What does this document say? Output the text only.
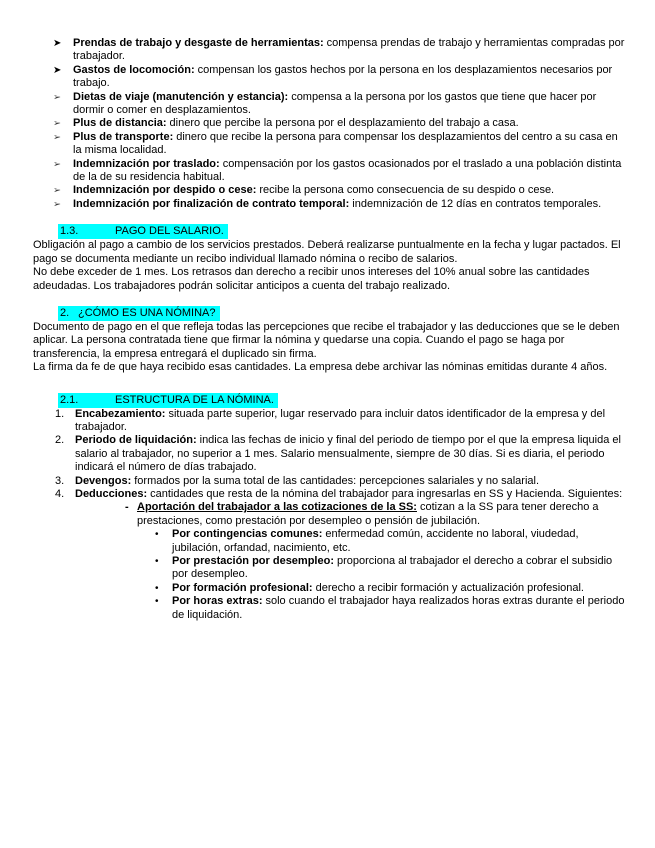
➤ Prendas de trabajo y desgaste de herramientas: compensa prendas de trabajo y herramientas compradas por trabajador.
➤ Gastos de locomoción: compensan los gastos hechos por la persona en los desplazamientos necesarios por trabajo.
➢ Dietas de viaje (manutención y estancia): compensa a la persona por los gastos que tiene que hacer por dormir o comer en desplazamientos.
➢ Plus de distancia: dinero que percibe la persona por el desplazamiento del trabajo a casa.
➢ Plus de transporte: dinero que recibe la persona para compensar los desplazamientos del centro a su casa en la misma localidad.
➢ Indemnización por traslado: compensación por los gastos ocasionados por el traslado a una población distinta de la de su residencia habitual.
➢ Indemnización por despido o cese: recibe la persona como consecuencia de su despido o cese.
➢ Indemnización por finalización de contrato temporal: indemnización de 12 días en contratos temporales.
1.3.	PAGO DEL SALARIO.

Obligación al pago a cambio de los servicios prestados. Deberá realizarse puntualmente en la fecha y lugar pactados. El pago se documenta mediante un recibo individual llamado nómina o recibo de salarios.

No debe exceder de 1 mes. Los retrasos dan derecho a recibir unos intereses del 10% anual sobre las cantidades adeudadas. Los trabajadores podrán solicitar anticipos a cuenta del trabajo realizado.

2. ¿CÓMO ES UNA NÓMINA?

Documento de pago en el que refleja todas las percepciones que recibe el trabajador y las deducciones que se le deben aplicar. La persona contratada tiene que firmar la nómina y quedarse una copia. Cuando el pago se haga por transferencia, la empresa entregará el duplicado sin firma.

La firma da fe de que haya recibido esas cantidades. La empresa debe archivar las nóminas emitidas durante 4 años.

2.1.	ESTRUCTURA DE LA NÓMINA.
1. Encabezamiento: situada parte superior, lugar reservado para incluir datos identificador de la empresa y del trabajador.
2. Periodo de liquidación: indica las fechas de inicio y final del periodo de tiempo por el que la empresa liquida el salario al trabajador, no superior a 1 mes. Salario mensualmente, siempre de 30 días. Si es diaria, el periodo indicará el número de días trabajado.
3. Devengos: formados por la suma total de las cantidades: percepciones salariales y no salarial.
4. Deducciones: cantidades que resta de la nómina del trabajador para ingresarlas en SS y Hacienda. Siguientes:
- Aportación del trabajador a las cotizaciones de la SS: cotizan a la SS para tener derecho a prestaciones, como prestación por desempleo o pensión de jubilación.
• Por contingencias comunes: enfermedad común, accidente no laboral, viudedad, jubilación, orfandad, nacimiento, etc.
• Por prestación por desempleo: proporciona al trabajador el derecho a cobrar el subsidio por desempleo.
• Por formación profesional: derecho a recibir formación y actualización profesional.
• Por horas extras: solo cuando el trabajador haya realizados horas extras durante el periodo de liquidación.
